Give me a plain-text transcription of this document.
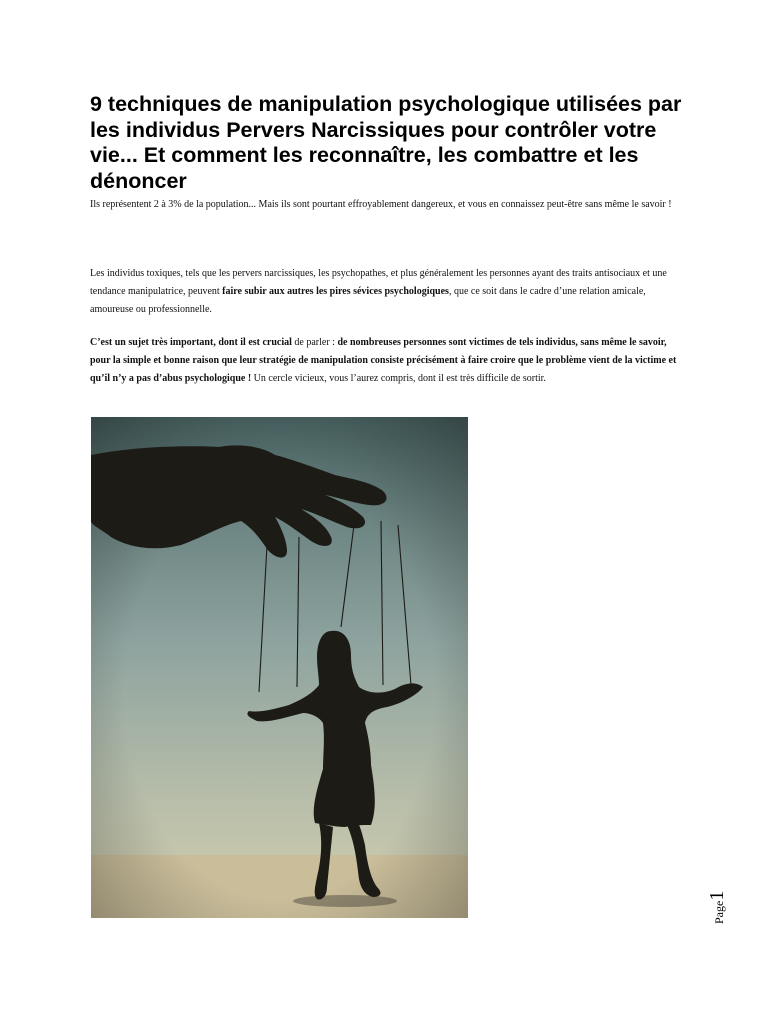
9 techniques de manipulation psychologique utilisées par les individus Pervers Narcissiques pour contrôler votre vie... Et comment les reconnaître, les combattre et les dénoncer

Ils représentent 2 à 3% de la population... Mais ils sont pourtant effroyablement dangereux, et vous en connaissez peut-être sans même le savoir !

Les individus toxiques, tels que les pervers narcissiques, les psychopathes, et plus généralement les personnes ayant des traits antisociaux et une tendance manipulatrice, peuvent faire subir aux autres les pires sévices psychologiques, que ce soit dans le cadre d’une relation amicale, amoureuse ou professionnelle.

C’est un sujet très important, dont il est crucial de parler : de nombreuses personnes sont victimes de tels individus, sans même le savoir, pour la simple et bonne raison que leur stratégie de manipulation consiste précisément à faire croire que le problème vient de la victime et qu’il n’y a pas d’abus psychologique ! Un cercle vicieux, vous l’aurez compris, dont il est très difficile de sortir.

Page1
